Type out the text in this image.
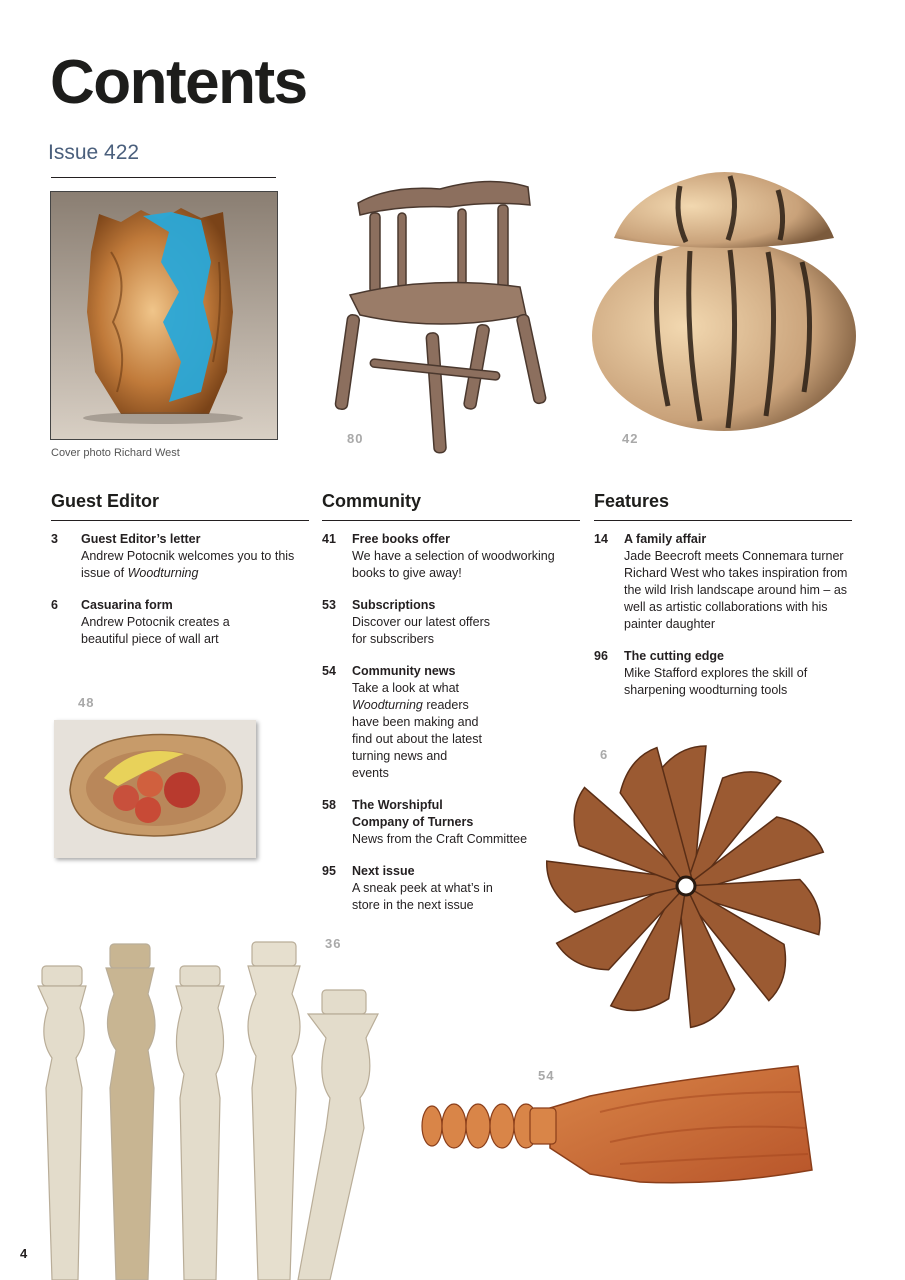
Contents
Issue 422
Cover photo Richard West
80	42
Guest Editor
3	Guest Editor’s letter
Andrew Potocnik welcomes you to this issue of Woodturning
6	Casuarina form
Andrew Potocnik creates a beautiful piece of wall art
Community
41	Free books offer
We have a selection of woodworking books to give away!
53	Subscriptions
Discover our latest offers for subscribers
54	Community news
Take a look at what Woodturning readers have been making and find out about the latest turning news and events
58	The Worshipful Company of Turners
News from the Craft Committee
95	Next issue
A sneak peek at what’s in store in the next issue
Features
14	A family affair
Jade Beecroft meets Connemara turner Richard West who takes inspiration from the wild Irish landscape around him – as well as artistic collaborations with his painter daughter
96	The cutting edge
Mike Stafford explores the skill of sharpening woodturning tools
48
6
36
54
4
